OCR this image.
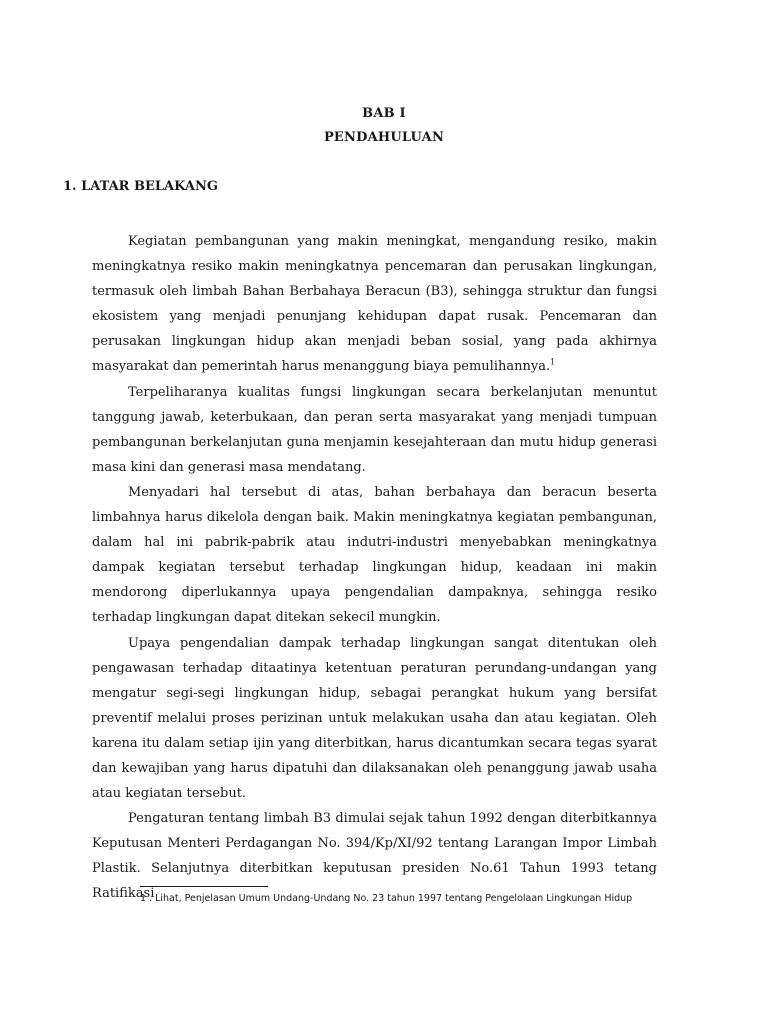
BAB I
PENDAHULUAN
1. LATAR BELAKANG

Kegiatan pembangunan yang makin meningkat, mengandung resiko, makin meningkatnya resiko makin meningkatnya pencemaran dan perusakan lingkungan, termasuk oleh limbah Bahan Berbahaya Beracun (B3), sehingga struktur dan fungsi ekosistem yang menjadi penunjang kehidupan dapat rusak. Pencemaran dan perusakan lingkungan hidup akan menjadi beban sosial, yang pada akhirnya masyarakat dan pemerintah harus menanggung biaya pemulihannya.$^1$

Terpeliharanya kualitas fungsi lingkungan secara berkelanjutan menuntut tanggung jawab, keterbukaan, dan peran serta masyarakat yang menjadi tumpuan pembangunan berkelanjutan guna menjamin kesejahteraan dan mutu hidup generasi masa kini dan generasi masa mendatang.

Menyadari hal tersebut di atas, bahan berbahaya dan beracun beserta limbahnya harus dikelola dengan baik. Makin meningkatnya kegiatan pembangunan, dalam hal ini pabrik-pabrik atau indutri-industri menyebabkan meningkatnya dampak kegiatan tersebut terhadap lingkungan hidup, keadaan ini makin mendorong diperlukannya upaya pengendalian dampaknya, sehingga resiko terhadap lingkungan dapat ditekan sekecil mungkin.

Upaya pengendalian dampak terhadap lingkungan sangat ditentukan oleh pengawasan terhadap ditaatinya ketentuan peraturan perundang-undangan yang mengatur segi-segi lingkungan hidup, sebagai perangkat hukum yang bersifat preventif melalui proses perizinan untuk melakukan usaha dan atau kegiatan. Oleh karena itu dalam setiap ijin yang diterbitkan, harus dicantumkan secara tegas syarat dan kewajiban yang harus dipatuhi dan dilaksanakan oleh penanggung jawab usaha atau kegiatan tersebut.

Pengaturan tentang limbah B3 dimulai sejak tahun 1992 dengan diterbitkannya Keputusan Menteri Perdagangan No. 394/Kp/XI/92 tentang Larangan Impor Limbah Plastik. Selanjutnya diterbitkan keputusan presiden No.61 Tahun 1993 tetang Ratifikasi

1 . Lihat, Penjelasan Umum Undang-Undang No. 23 tahun 1997 tentang Pengelolaan Lingkungan Hidup
